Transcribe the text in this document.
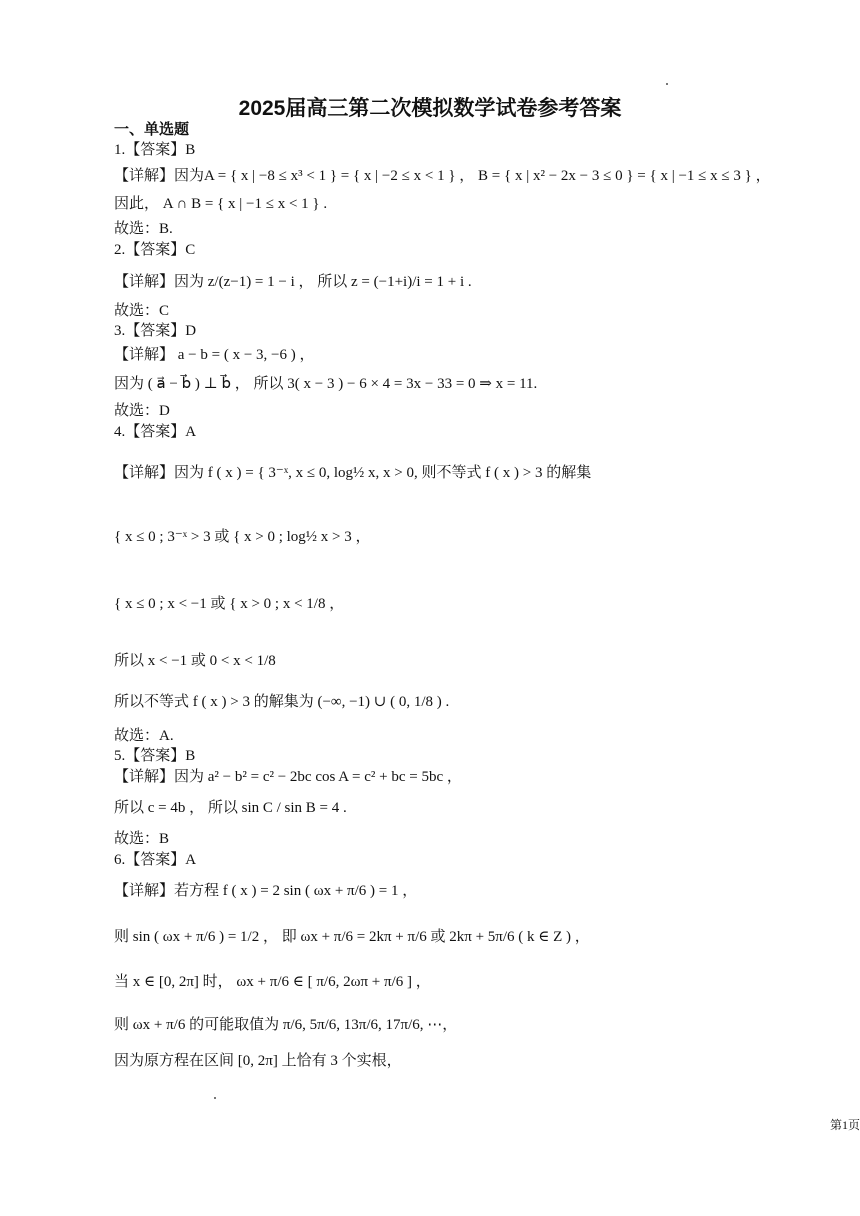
2025届高三第二次模拟数学试卷参考答案
一、单选题
1.【答案】B
【详解】因为A = { x | −8 ≤ x³ < 1 } = { x | −2 ≤ x < 1 } ， B = { x | x² − 2x − 3 ≤ 0 } = { x | −1 ≤ x ≤ 3 } ，
因此， A ∩ B = { x | −1 ≤ x < 1 } .
故选：B.
2.【答案】C
【详解】因为 z/(z−1) = 1 − i ， 所以 z = (−1+i)/i = 1 + i .
故选：C
3.【答案】D
【详解】 a − b = ( x − 3, −6 ) ，
因为 ( a⃗ − b⃗ ) ⊥ b⃗ ， 所以 3( x − 3 ) − 6 × 4 = 3x − 33 = 0 ⇒ x = 11.
故选：D
4.【答案】A
【详解】因为 f ( x ) = { 3⁻ˣ, x ≤ 0, log½ x, x > 0, 则不等式 f ( x ) > 3 的解集
{ x ≤ 0 ; 3⁻ˣ > 3 或 { x > 0 ; log½ x > 3 ，
{ x ≤ 0 ; x < −1 或 { x > 0 ; x < 1/8 ，
所以 x < −1 或 0 < x < 1/8
所以不等式 f ( x ) > 3 的解集为 (−∞, −1) ∪ ( 0, 1/8 ) .
故选：A.
5.【答案】B
【详解】因为 a² − b² = c² − 2bc cos A = c² + bc = 5bc ，
所以 c = 4b ， 所以 sin C / sin B = 4 .
故选：B
6.【答案】A
【详解】若方程 f ( x ) = 2 sin ( ωx + π/6 ) = 1 ，
则 sin ( ωx + π/6 ) = 1/2 ， 即 ωx + π/6 = 2kπ + π/6 或 2kπ + 5π/6 ( k ∈ Z ) ，
当 x ∈ [0, 2π] 时， ωx + π/6 ∈ [ π/6, 2ωπ + π/6 ] ，
则 ωx + π/6 的可能取值为 π/6, 5π/6, 13π/6, 17π/6, ⋯，
因为原方程在区间 [0, 2π] 上恰有 3 个实根，
第1页
